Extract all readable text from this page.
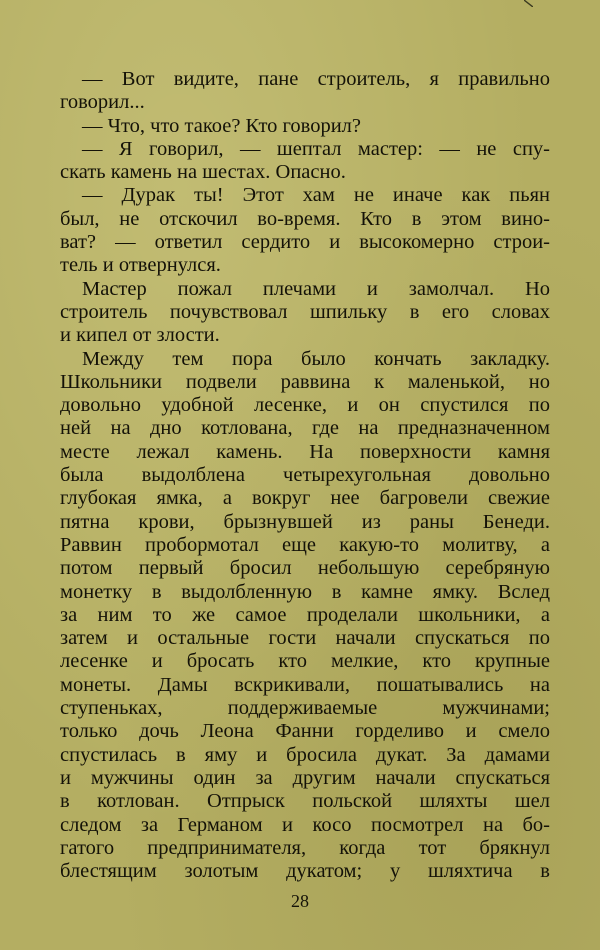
— Вот видите, пане строитель, я правильно
говорил...
— Что, что такое? Кто говорил?
— Я говорил, — шептал мастер: — не спу-
скать камень на шестах. Опасно.
— Дурак ты! Этот хам не иначе как пьян
был, не отскочил во-время. Кто в этом вино-
ват? — ответил сердито и высокомерно строи-
тель и отвернулся.
Мастер пожал плечами и замолчал. Но
строитель почувствовал шпильку в его словах
и кипел от злости.
Между тем пора было кончать закладку.
Школьники подвели раввина к маленькой, но
довольно удобной лесенке, и он спустился по
ней на дно котлована, где на предназначенном
месте лежал камень. На поверхности камня
была выдолблена четырехугольная довольно
глубокая ямка, а вокруг нее багровели свежие
пятна крови, брызнувшей из раны Бенеди.
Раввин пробормотал еще какую-то молитву, а
потом первый бросил небольшую серебряную
монетку в выдолбленную в камне ямку. Вслед
за ним то же самое проделали школьники, а
затем и остальные гости начали спускаться по
лесенке и бросать кто мелкие, кто крупные
монеты. Дамы вскрикивали, пошатывались на
ступеньках, поддерживаемые мужчинами;
только дочь Леона Фанни горделиво и смело
спустилась в яму и бросила дукат. За дамами
и мужчины один за другим начали спускаться
в котлован. Отпрыск польской шляхты шел
следом за Германом и косо посмотрел на бо-
гатого предпринимателя, когда тот брякнул
блестящим золотым дукатом; у шляхтича в
28
